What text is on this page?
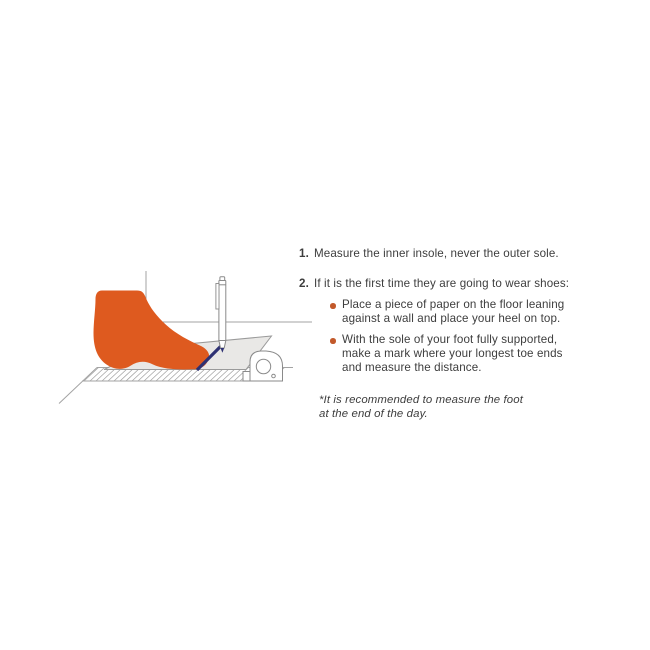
1. Measure the inner insole, never the outer sole.
2. If it is the first time they are going to wear shoes:
Place a piece of paper on the floor leaning
against a wall and place your heel on top.
With the sole of your foot fully supported,
make a mark where your longest toe ends
and measure the distance.
*It is recommended to measure the foot
at the end of the day.
